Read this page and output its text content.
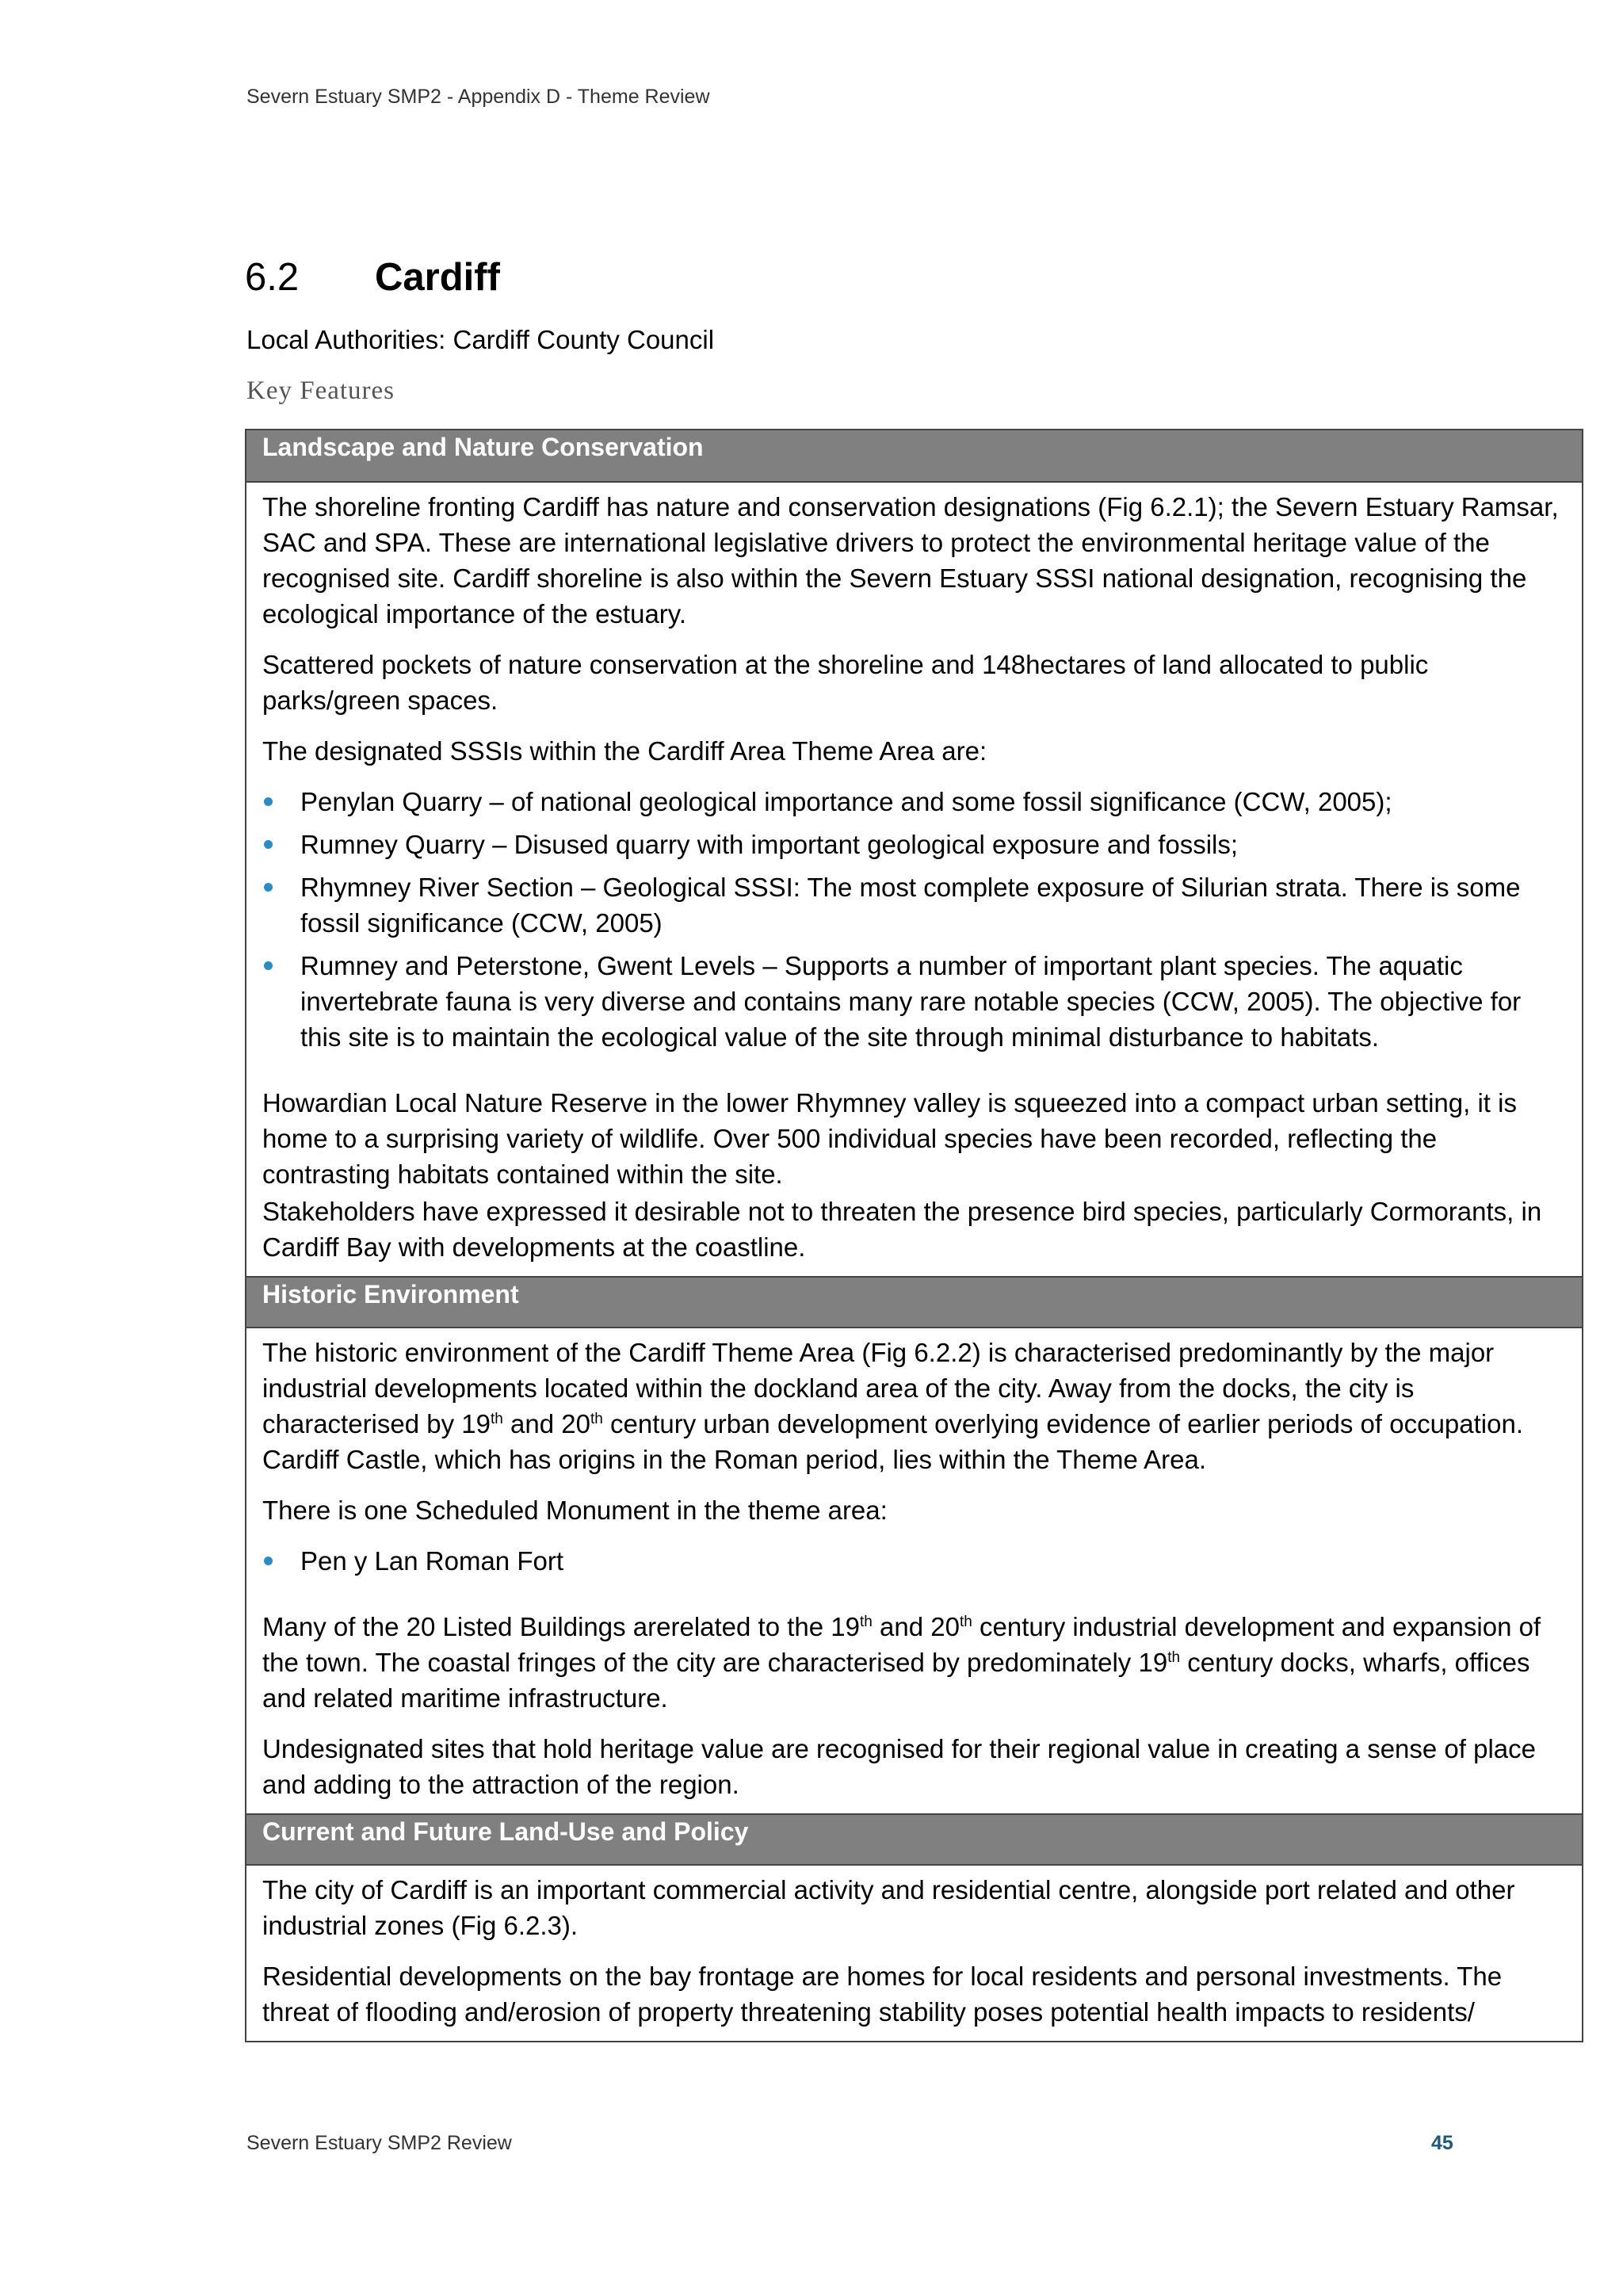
Severn Estuary SMP2 - Appendix D - Theme Review
6.2 Cardiff
Local Authorities: Cardiff County Council
Key Features
Landscape and Nature Conservation

The shoreline fronting Cardiff has nature and conservation designations (Fig 6.2.1); the Severn Estuary Ramsar, SAC and SPA. These are international legislative drivers to protect the environmental heritage value of the recognised site. Cardiff shoreline is also within the Severn Estuary SSSI national designation, recognising the ecological importance of the estuary.

Scattered pockets of nature conservation at the shoreline and 148hectares of land allocated to public parks/green spaces.

The designated SSSIs within the Cardiff Area Theme Area are:

Penylan Quarry – of national geological importance and some fossil significance (CCW, 2005);
Rumney Quarry – Disused quarry with important geological exposure and fossils;
Rhymney River Section – Geological SSSI: The most complete exposure of Silurian strata. There is some fossil significance (CCW, 2005)
Rumney and Peterstone, Gwent Levels – Supports a number of important plant species. The aquatic invertebrate fauna is very diverse and contains many rare notable species (CCW, 2005). The objective for this site is to maintain the ecological value of the site through minimal disturbance to habitats.

Howardian Local Nature Reserve in the lower Rhymney valley is squeezed into a compact urban setting, it is home to a surprising variety of wildlife. Over 500 individual species have been recorded, reflecting the contrasting habitats contained within the site.

Stakeholders have expressed it desirable not to threaten the presence bird species, particularly Cormorants, in Cardiff Bay with developments at the coastline.

Historic Environment

The historic environment of the Cardiff Theme Area (Fig 6.2.2) is characterised predominantly by the major industrial developments located within the dockland area of the city. Away from the docks, the city is characterised by 19th and 20th century urban development overlying evidence of earlier periods of occupation. Cardiff Castle, which has origins in the Roman period, lies within the Theme Area.

There is one Scheduled Monument in the theme area:

Pen y Lan Roman Fort

Many of the 20 Listed Buildings arerelated to the 19th and 20th century industrial development and expansion of the town. The coastal fringes of the city are characterised by predominately 19th century docks, wharfs, offices and related maritime infrastructure.

Undesignated sites that hold heritage value are recognised for their regional value in creating a sense of place and adding to the attraction of the region.

Current and Future Land-Use and Policy

The city of Cardiff is an important commercial activity and residential centre, alongside port related and other industrial zones (Fig 6.2.3).

Residential developments on the bay frontage are homes for local residents and personal investments. The threat of flooding and/erosion of property threatening stability poses potential health impacts to residents/

Severn Estuary SMP2 Review	45
